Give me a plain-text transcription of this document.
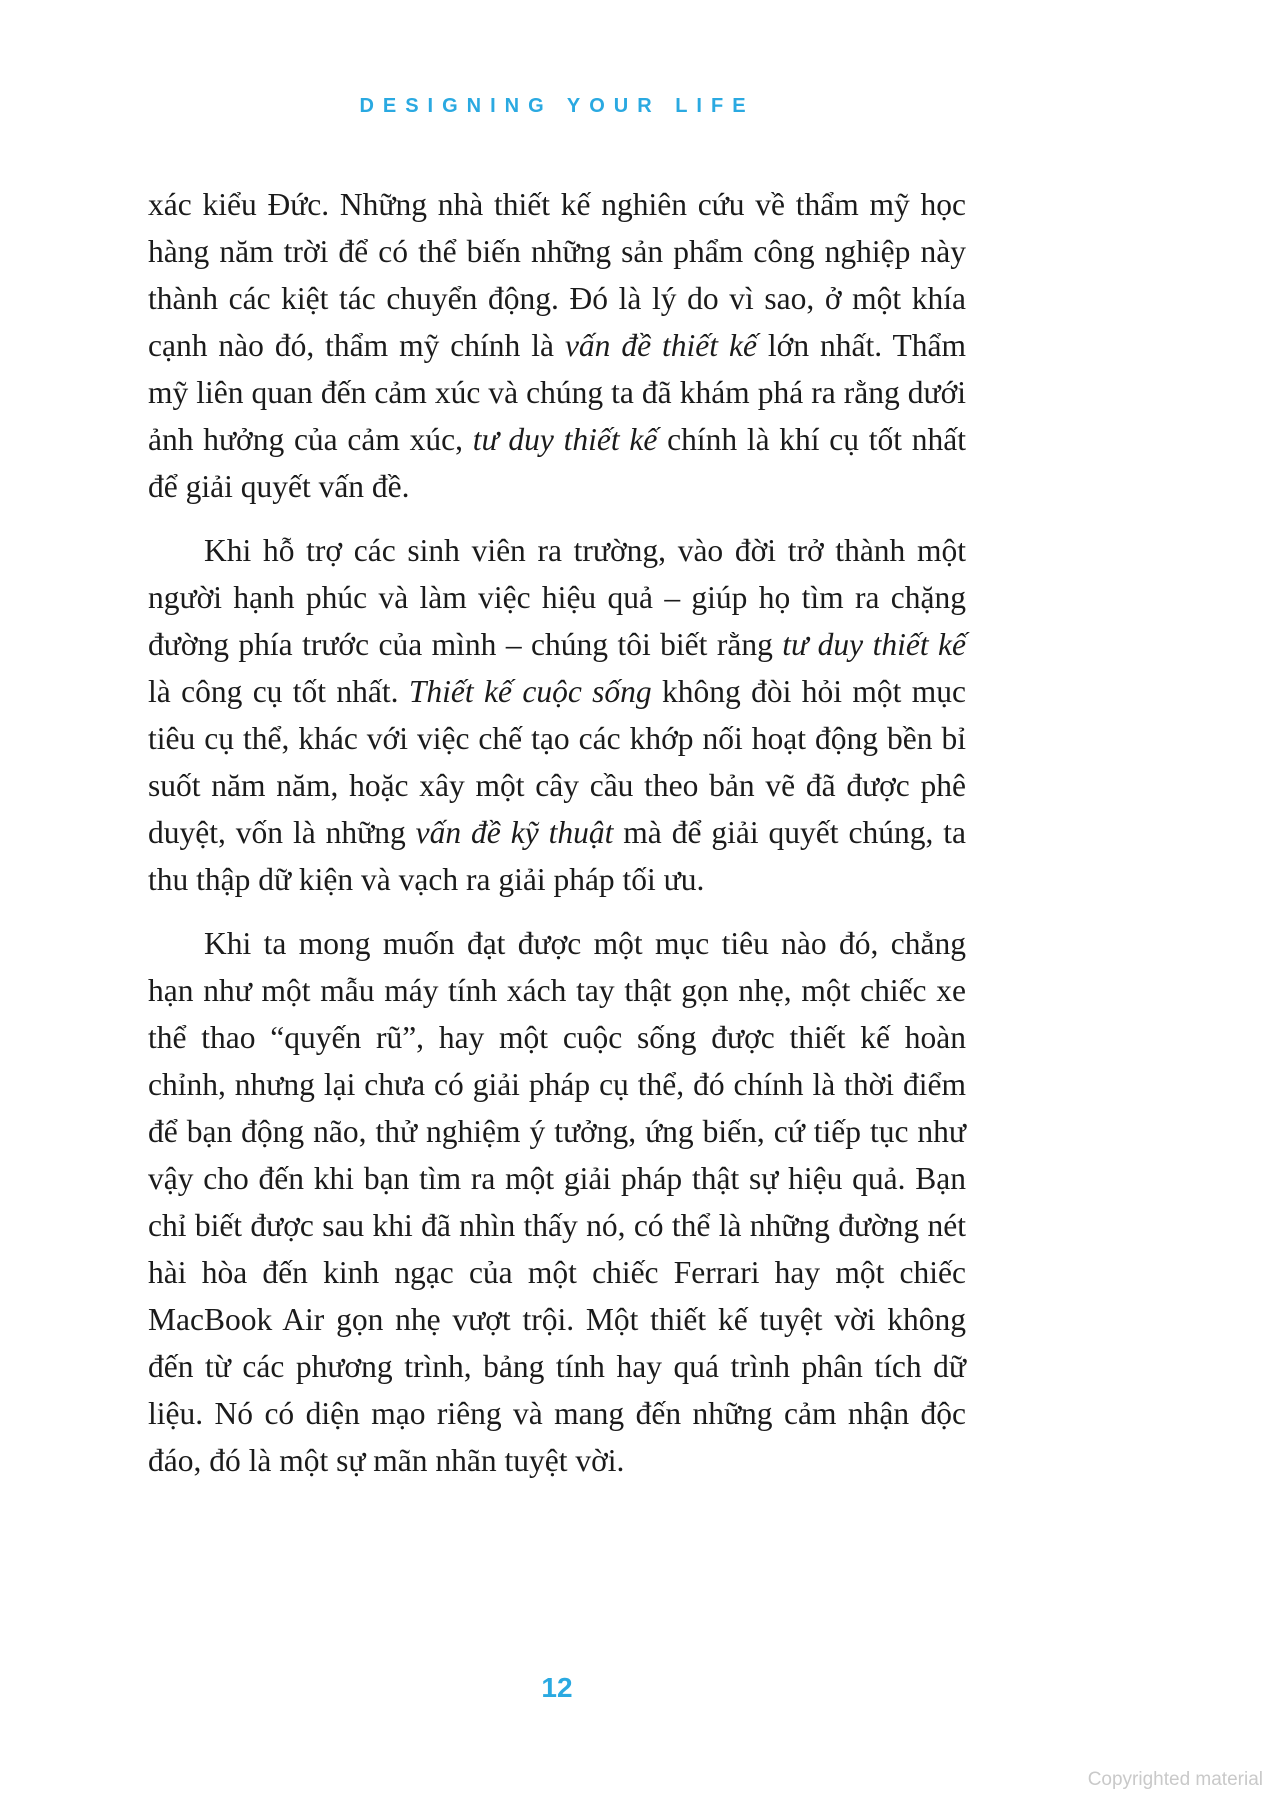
DESIGNING YOUR LIFE

xác kiểu Đức. Những nhà thiết kế nghiên cứu về thẩm mỹ học hàng năm trời để có thể biến những sản phẩm công nghiệp này thành các kiệt tác chuyển động. Đó là lý do vì sao, ở một khía cạnh nào đó, thẩm mỹ chính là vấn đề thiết kế lớn nhất. Thẩm mỹ liên quan đến cảm xúc và chúng ta đã khám phá ra rằng dưới ảnh hưởng của cảm xúc, tư duy thiết kế chính là khí cụ tốt nhất để giải quyết vấn đề.

Khi hỗ trợ các sinh viên ra trường, vào đời trở thành một người hạnh phúc và làm việc hiệu quả – giúp họ tìm ra chặng đường phía trước của mình – chúng tôi biết rằng tư duy thiết kế là công cụ tốt nhất. Thiết kế cuộc sống không đòi hỏi một mục tiêu cụ thể, khác với việc chế tạo các khớp nối hoạt động bền bỉ suốt năm năm, hoặc xây một cây cầu theo bản vẽ đã được phê duyệt, vốn là những vấn đề kỹ thuật mà để giải quyết chúng, ta thu thập dữ kiện và vạch ra giải pháp tối ưu.

Khi ta mong muốn đạt được một mục tiêu nào đó, chẳng hạn như một mẫu máy tính xách tay thật gọn nhẹ, một chiếc xe thể thao “quyến rũ”, hay một cuộc sống được thiết kế hoàn chỉnh, nhưng lại chưa có giải pháp cụ thể, đó chính là thời điểm để bạn động não, thử nghiệm ý tưởng, ứng biến, cứ tiếp tục như vậy cho đến khi bạn tìm ra một giải pháp thật sự hiệu quả. Bạn chỉ biết được sau khi đã nhìn thấy nó, có thể là những đường nét hài hòa đến kinh ngạc của một chiếc Ferrari hay một chiếc MacBook Air gọn nhẹ vượt trội. Một thiết kế tuyệt vời không đến từ các phương trình, bảng tính hay quá trình phân tích dữ liệu. Nó có diện mạo riêng và mang đến những cảm nhận độc đáo, đó là một sự mãn nhãn tuyệt vời.

12
Copyrighted material
